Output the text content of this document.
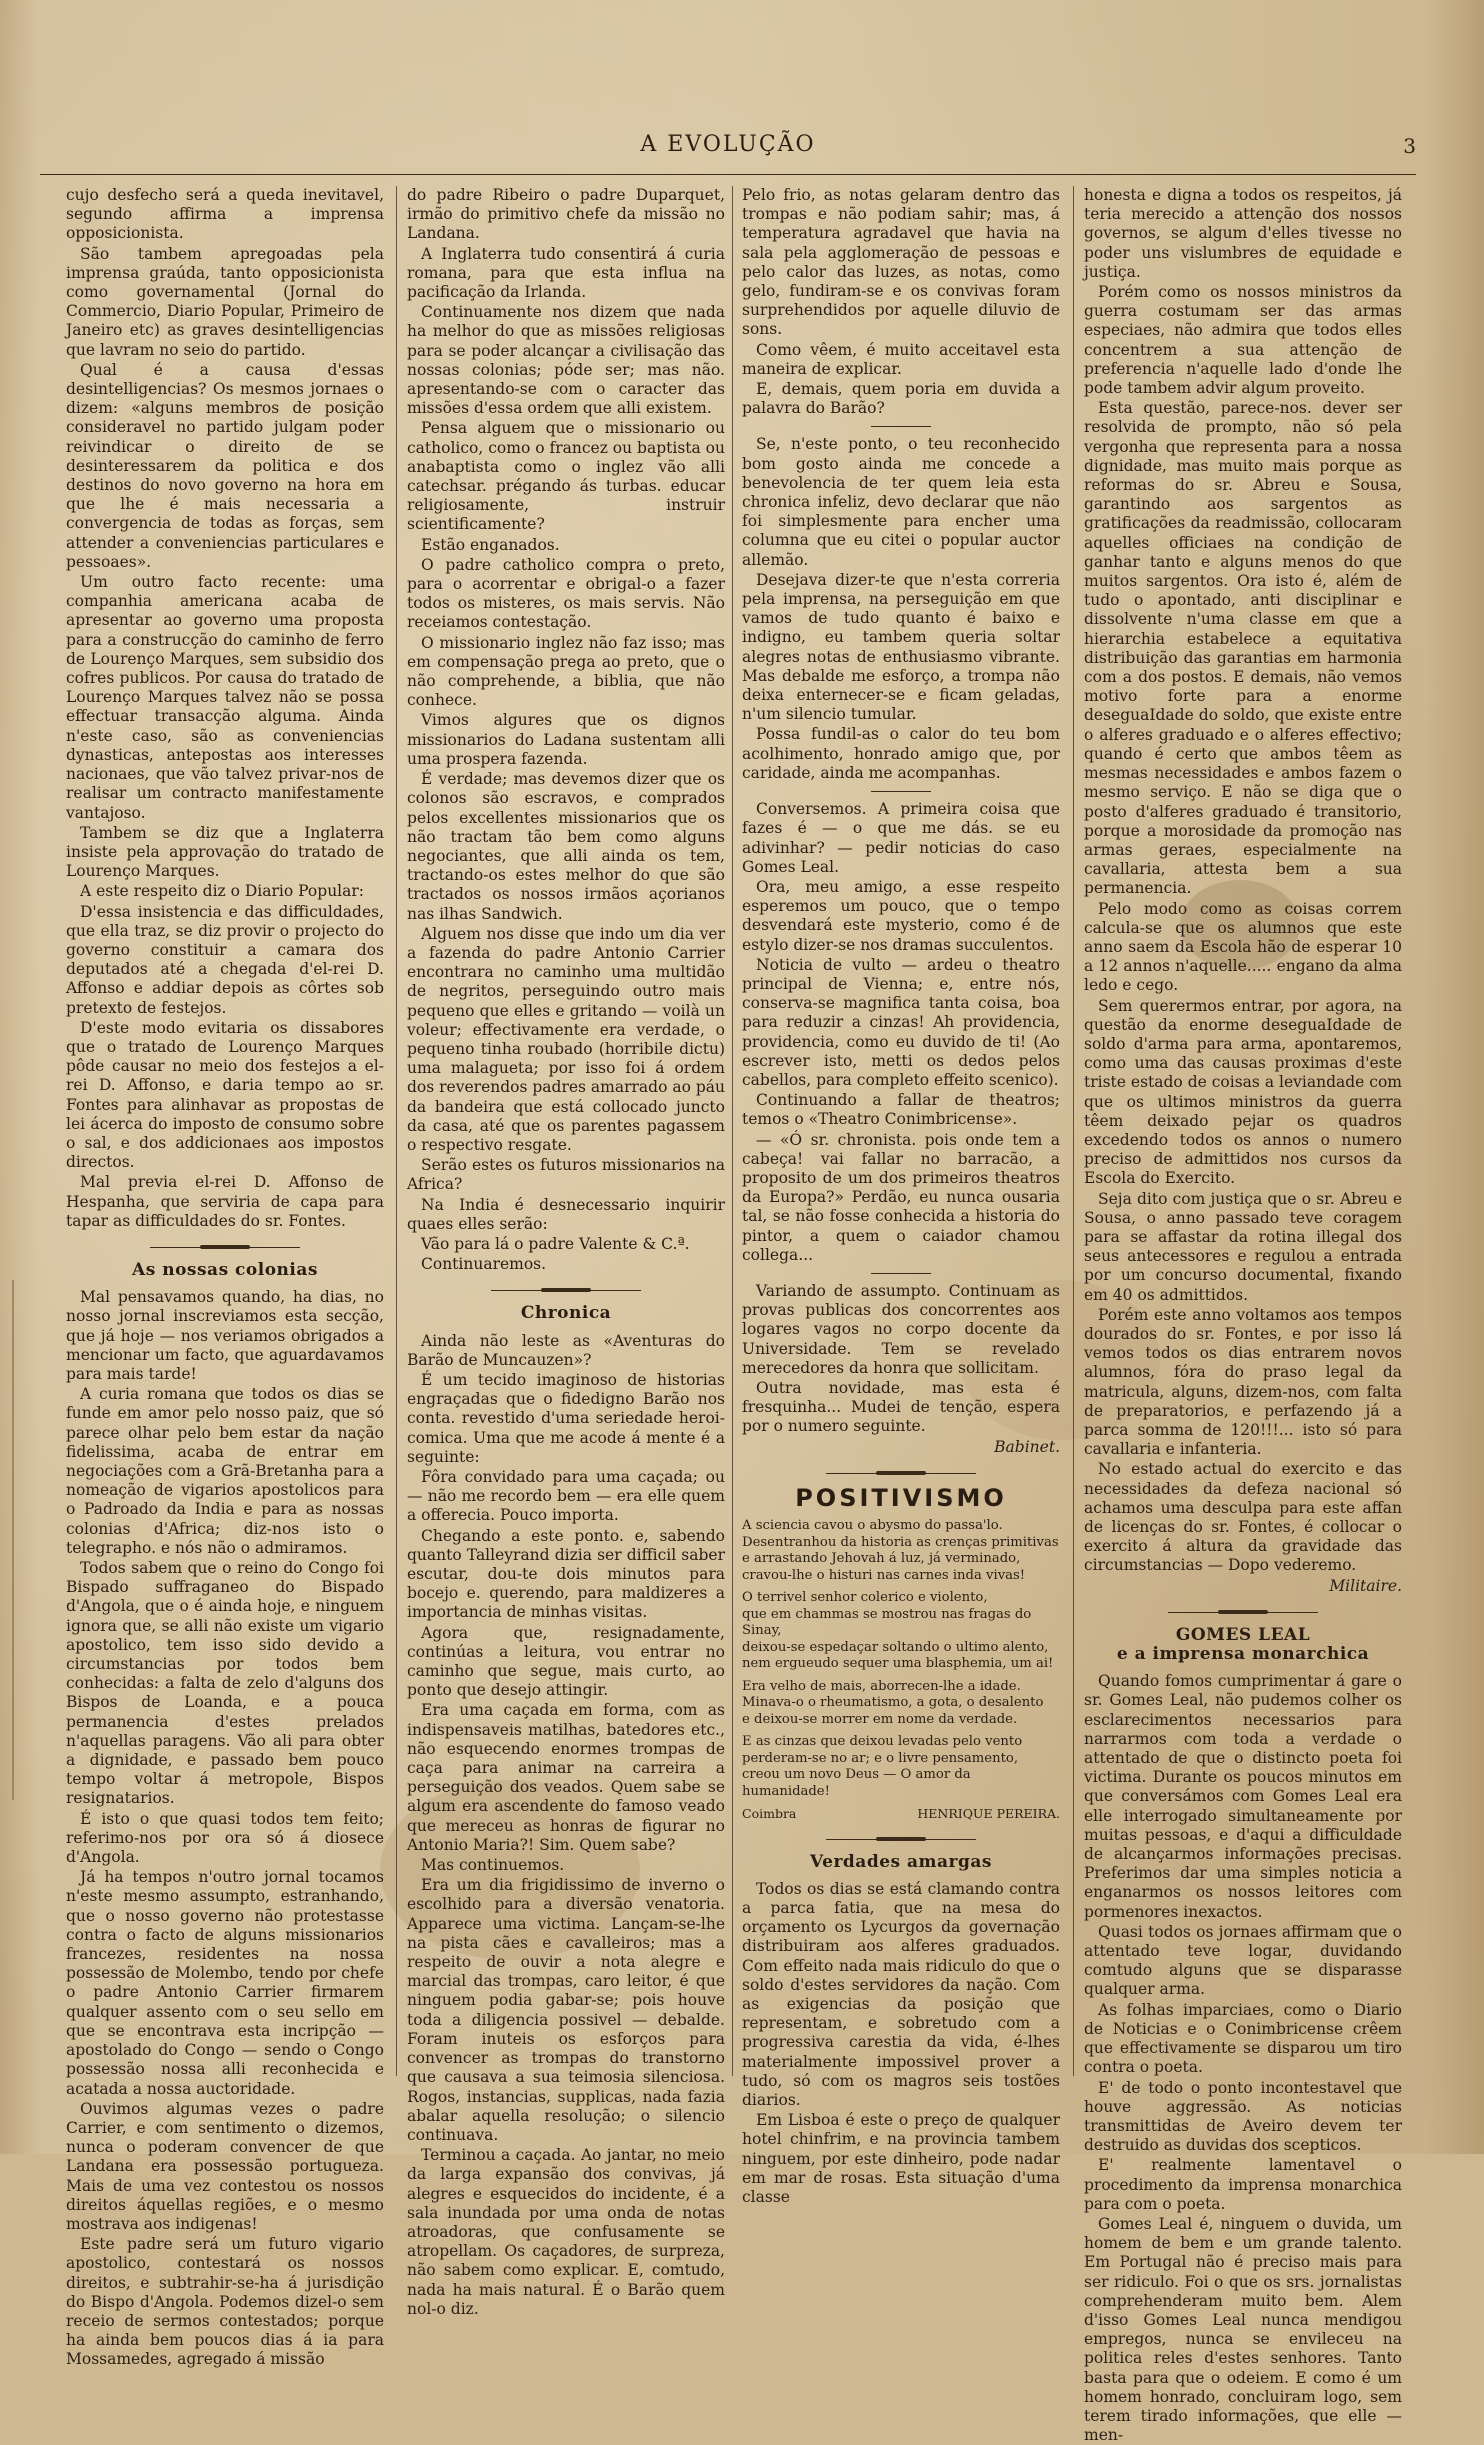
A EVOLUÇÃO	3

cujo desfecho será a queda inevitavel, segundo affirma a imprensa opposicionista.

São tambem apregoadas pela imprensa graúda, tanto opposicionista como governamental (Jornal do Commercio, Diario Popular, Primeiro de Janeiro etc) as graves desintelligencias que lavram no seio do partido.

Qual é a causa d'essas desintelligencias? Os mesmos jornaes o dizem: «alguns membros de posição consideravel no partido julgam poder reivindicar o direito de se desinteressarem da politica e dos destinos do novo governo na hora em que lhe é mais necessaria a convergencia de todas as forças, sem attender a conveniencias particulares e pessoaes».

Um outro facto recente: uma companhia americana acaba de apresentar ao governo uma proposta para a construcção do caminho de ferro de Lourenço Marques, sem subsidio dos cofres publicos. Por causa do tratado de Lourenço Marques talvez não se possa effectuar transacção alguma. Ainda n'este caso, são as conveniencias dynasticas, antepostas aos interesses nacionaes, que vão talvez privar-nos de realisar um contracto manifestamente vantajoso.

Tambem se diz que a Inglaterra insiste pela approvação do tratado de Lourenço Marques.

A este respeito diz o Diario Popular:

D'essa insistencia e das difficuldades, que ella traz, se diz provir o projecto do governo constituir a camara dos deputados até a chegada d'el-rei D. Affonso e addiar depois as côrtes sob pretexto de festejos.

D'este modo evitaria os dissabores que o tratado de Lourenço Marques pôde causar no meio dos festejos a el-rei D. Affonso, e daria tempo ao sr. Fontes para alinhavar as propostas de lei ácerca do imposto de consumo sobre o sal, e dos addicionaes aos impostos directos.

Mal previa el-rei D. Affonso de Hespanha, que serviria de capa para tapar as difficuldades do sr. Fontes.

As nossas colonias

Mal pensavamos quando, ha dias, no nosso jornal inscreviamos esta secção, que já hoje — nos veriamos obrigados a mencionar um facto, que aguardavamos para mais tarde!

A curia romana que todos os dias se funde em amor pelo nosso paiz, que só parece olhar pelo bem estar da nação fidelissima, acaba de entrar em negociações com a Grã-Bretanha para a nomeação de vigarios apostolicos para o Padroado da India e para as nossas colonias d'Africa; diz-nos isto o telegrapho. e nós não o admiramos.

Todos sabem que o reino do Congo foi Bispado suffraganeo do Bispado d'Angola, que o é ainda hoje, e ninguem ignora que, se alli não existe um vigario apostolico, tem isso sido devido a circumstancias por todos bem conhecidas: a falta de zelo d'alguns dos Bispos de Loanda, e a pouca permanencia d'estes prelados n'aquellas paragens. Vão ali para obter a dignidade, e passado bem pouco tempo voltar á metropole, Bispos resignatarios.

É isto o que quasi todos tem feito; referimo-nos por ora só á diosece d'Angola.

Já ha tempos n'outro jornal tocamos n'este mesmo assumpto, estranhando, que o nosso governo não protestasse contra o facto de alguns missionarios francezes, residentes na nossa possessão de Molembo, tendo por chefe o padre Antonio Carrier firmarem qualquer assento com o seu sello em que se encontrava esta incripção — apostolado do Congo — sendo o Congo possessão nossa alli reconhecida e acatada a nossa auctoridade.

Ouvimos algumas vezes o padre Carrier, e com sentimento o dizemos, nunca o poderam convencer de que Landana era possessão portugueza. Mais de uma vez contestou os nossos direitos áquellas regiões, e o mesmo mostrava aos indigenas!

Este padre será um futuro vigario apostolico, contestará os nossos direitos, e subtrahir-se-ha á jurisdição do Bispo d'Angola. Podemos dizel-o sem receio de sermos contestados; porque ha ainda bem poucos dias á ia para Mossamedes, agregado á missão

do padre Ribeiro o padre Duparquet, irmão do primitivo chefe da missão no Landana.

A Inglaterra tudo consentirá á curia romana, para que esta influa na pacificação da Irlanda.

Continuamente nos dizem que nada ha melhor do que as missões religiosas para se poder alcançar a civilisação das nossas colonias; póde ser; mas não. apresentando-se com o caracter das missões d'essa ordem que alli existem.

Pensa alguem que o missionario ou catholico, como o francez ou baptista ou anabaptista como o inglez vão alli catechsar. prégando ás turbas. educar religiosamente, instruir scientificamente?

Estão enganados.

O padre catholico compra o preto, para o acorrentar e obrigal-o a fazer todos os misteres, os mais servis. Não receiamos contestação.

O missionario inglez não faz isso; mas em compensação prega ao preto, que o não comprehende, a biblia, que não conhece.

Vimos algures que os dignos missionarios do Ladana sustentam alli uma prospera fazenda.

É verdade; mas devemos dizer que os colonos são escravos, e comprados pelos excellentes missionarios que os não tractam tão bem como alguns negociantes, que alli ainda os tem, tractando-os estes melhor do que são tractados os nossos irmãos açorianos nas ilhas Sandwich.

Alguem nos disse que indo um dia ver a fazenda do padre Antonio Carrier encontrara no caminho uma multidão de negritos, perseguindo outro mais pequeno que elles e gritando — voilà un voleur; effectivamente era verdade, o pequeno tinha roubado (horribile dictu) uma malagueta; por isso foi á ordem dos reverendos padres amarrado ao páu da bandeira que está collocado juncto da casa, até que os parentes pagassem o respectivo resgate.

Serão estes os futuros missionarios na Africa?

Na India é desnecessario inquirir quaes elles serão:

Vão para lá o padre Valente & C.ª.

Continuaremos.

Chronica

Ainda não leste as «Aventuras do Barão de Muncauzen»?

É um tecido imaginoso de historias engraçadas que o fidedigno Barão nos conta. revestido d'uma seriedade heroi-comica. Uma que me acode á mente é a seguinte:

Fôra convidado para uma caçada; ou — não me recordo bem — era elle quem a offerecia. Pouco importa.

Chegando a este ponto. e, sabendo quanto Talleyrand dizia ser difficil saber escutar, dou-te dois minutos para bocejo e. querendo, para maldizeres a importancia de minhas visitas.

Agora que, resignadamente, continúas a leitura, vou entrar no caminho que segue, mais curto, ao ponto que desejo attingir.

Era uma caçada em forma, com as indispensaveis matilhas, batedores etc., não esquecendo enormes trompas de caça para animar na carreira a perseguição dos veados. Quem sabe se algum era ascendente do famoso veado que mereceu as honras de figurar no Antonio Maria?! Sim. Quem sabe?

Mas continuemos.

Era um dia frigidissimo de inverno o escolhido para a diversão venatoria. Apparece uma victima. Lançam-se-lhe na pista cães e cavalleiros; mas a respeito de ouvir a nota alegre e marcial das trompas, caro leitor, é que ninguem podia gabar-se; pois houve toda a diligencia possivel — debalde. Foram inuteis os esforços para convencer as trompas do transtorno que causava a sua teimosia silenciosa. Rogos, instancias, supplicas, nada fazia abalar aquella resolução; o silencio continuava.

Terminou a caçada. Ao jantar, no meio da larga expansão dos convivas, já alegres e esquecidos do incidente, é a sala inundada por uma onda de notas atroadoras, que confusamente se atropellam. Os caçadores, de surpreza, não sabem como explicar. E, comtudo, nada ha mais natural. É o Barão quem nol-o diz.

Pelo frio, as notas gelaram dentro das trompas e não podiam sahir; mas, á temperatura agradavel que havia na sala pela agglomeração de pessoas e pelo calor das luzes, as notas, como gelo, fundiram-se e os convivas foram surprehendidos por aquelle diluvio de sons.

Como vêem, é muito acceitavel esta maneira de explicar.

E, demais, quem poria em duvida a palavra do Barão?

Se, n'este ponto, o teu reconhecido bom gosto ainda me concede a benevolencia de ter quem leia esta chronica infeliz, devo declarar que não foi simplesmente para encher uma columna que eu citei o popular auctor allemão.

Desejava dizer-te que n'esta correria pela imprensa, na perseguição em que vamos de tudo quanto é baixo e indigno, eu tambem queria soltar alegres notas de enthusiasmo vibrante. Mas debalde me esforço, a trompa não deixa enternecer-se e ficam geladas, n'um silencio tumular.

Possa fundil-as o calor do teu bom acolhimento, honrado amigo que, por caridade, ainda me acompanhas.

Conversemos. A primeira coisa que fazes é — o que me dás. se eu adivinhar? — pedir noticias do caso Gomes Leal.

Ora, meu amigo, a esse respeito esperemos um pouco, que o tempo desvendará este mysterio, como é de estylo dizer-se nos dramas succulentos.

Noticia de vulto — ardeu o theatro principal de Vienna; e, entre nós, conserva-se magnifica tanta coisa, boa para reduzir a cinzas! Ah providencia, providencia, como eu duvido de ti! (Ao escrever isto, metti os dedos pelos cabellos, para completo effeito scenico).

Continuando a fallar de theatros; temos o «Theatro Conimbricense».

— «Ó sr. chronista. pois onde tem a cabeça! vai fallar no barracão, a proposito de um dos primeiros theatros da Europa?» Perdão, eu nunca ousaria tal, se não fosse conhecida a historia do pintor, a quem o caiador chamou collega...

Variando de assumpto. Continuam as provas publicas dos concorrentes aos logares vagos no corpo docente da Universidade. Tem se revelado merecedores da honra que sollicitam.

Outra novidade, mas esta é fresquinha... Mudei de tenção, espera por o numero seguinte.

Babinet.

POSITIVISMO
A sciencia cavou o abysmo do passa'lo.
Desentranhou da historia as crenças primitivas
e arrastando Jehovah á luz, já verminado,
cravou-lhe o histuri nas carnes inda vivas!
O terrivel senhor colerico e violento,
que em chammas se mostrou nas fragas do Sinay,
deixou-se espedaçar soltando o ultimo alento,
nem ergueudo sequer uma blasphemia, um ai!
Era velho de mais, aborrecen-lhe a idade.
Minava-o o rheumatismo, a gota, o desalento
e deixou-se morrer em nome da verdade.
E as cinzas que deixou levadas pelo vento
perderam-se no ar; e o livre pensamento,
creou um novo Deus — O amor da humanidade!
Coimbra	HENRIQUE PEREIRA.
Verdades amargas

Todos os dias se está clamando contra a parca fatia, que na mesa do orçamento os Lycurgos da governação distribuiram aos alferes graduados. Com effeito nada mais ridiculo do que o soldo d'estes servidores da nação. Com as exigencias da posição que representam, e sobretudo com a progressiva carestia da vida, é-lhes materialmente impossivel prover a tudo, só com os magros seis tostões diarios.

Em Lisboa é este o preço de qualquer hotel chinfrim, e na provincia tambem ninguem, por este dinheiro, pode nadar em mar de rosas. Esta situação d'uma classe

honesta e digna a todos os respeitos, já teria merecido a attenção dos nossos governos, se algum d'elles tivesse no poder uns vislumbres de equidade e justiça.

Porém como os nossos ministros da guerra costumam ser das armas especiaes, não admira que todos elles concentrem a sua attenção de preferencia n'aquelle lado d'onde lhe pode tambem advir algum proveito.

Esta questão, parece-nos. dever ser resolvida de prompto, não só pela vergonha que representa para a nossa dignidade, mas muito mais porque as reformas do sr. Abreu e Sousa, garantindo aos sargentos as gratificações da readmissão, collocaram aquelles officiaes na condição de ganhar tanto e alguns menos do que muitos sargentos. Ora isto é, além de tudo o apontado, anti disciplinar e dissolvente n'uma classe em que a hierarchia estabelece a equitativa distribuição das garantias em harmonia com a dos postos. E demais, não vemos motivo forte para a enorme deseguaIdade do soldo, que existe entre o alferes graduado e o alferes effectivo; quando é certo que ambos têem as mesmas necessidades e ambos fazem o mesmo serviço. E não se diga que o posto d'alferes graduado é transitorio, porque a morosidade da promoção nas armas geraes, especialmente na cavallaria, attesta bem a sua permanencia.

Pelo modo como as coisas correm calcula-se que os alumnos que este anno saem da Escola hão de esperar 10 a 12 annos n'aquelle..... engano da alma ledo e cego.

Sem querermos entrar, por agora, na questão da enorme deseguaIdade de soldo d'arma para arma, apontaremos, como uma das causas proximas d'este triste estado de coisas a leviandade com que os ultimos ministros da guerra têem deixado pejar os quadros excedendo todos os annos o numero preciso de admittidos nos cursos da Escola do Exercito.

Seja dito com justiça que o sr. Abreu e Sousa, o anno passado teve coragem para se affastar da rotina illegal dos seus antecessores e regulou a entrada por um concurso documental, fixando em 40 os admittidos.

Porém este anno voltamos aos tempos dourados do sr. Fontes, e por isso lá vemos todos os dias entrarem novos alumnos, fóra do praso legal da matricula, alguns, dizem-nos, com falta de preparatorios, e perfazendo já a parca somma de 120!!!... isto só para cavallaria e infanteria.

No estado actual do exercito e das necessidades da defeza nacional só achamos uma desculpa para este affan de licenças do sr. Fontes, é collocar o exercito á altura da gravidade das circumstancias — Dopo vederemo.

Militaire.

GOMES LEAL
e a imprensa monarchica

Quando fomos cumprimentar á gare o sr. Gomes Leal, não pudemos colher os esclarecimentos necessarios para narrarmos com toda a verdade o attentado de que o distincto poeta foi victima. Durante os poucos minutos em que conversámos com Gomes Leal era elle interrogado simultaneamente por muitas pessoas, e d'aqui a difficuldade de alcançarmos informações precisas. Preferimos dar uma simples noticia a enganarmos os nossos leitores com pormenores inexactos.

Quasi todos os jornaes affirmam que o attentado teve logar, duvidando comtudo alguns que se disparasse qualquer arma.

As folhas imparciaes, como o Diario de Noticias e o Conimbricense crêem que effectivamente se disparou um tiro contra o poeta.

E' de todo o ponto incontestavel que houve aggressão. As noticias transmittidas de Aveiro devem ter destruido as duvidas dos scepticos.

E' realmente lamentavel o procedimento da imprensa monarchica para com o poeta.

Gomes Leal é, ninguem o duvida, um homem de bem e um grande talento. Em Portugal não é preciso mais para ser ridiculo. Foi o que os srs. jornalistas comprehenderam muito bem. Alem d'isso Gomes Leal nunca mendigou empregos, nunca se envileceu na politica reles d'estes senhores. Tanto basta para que o odeiem. E como é um homem honrado, concluiram logo, sem terem tirado informações, que elle — men-
